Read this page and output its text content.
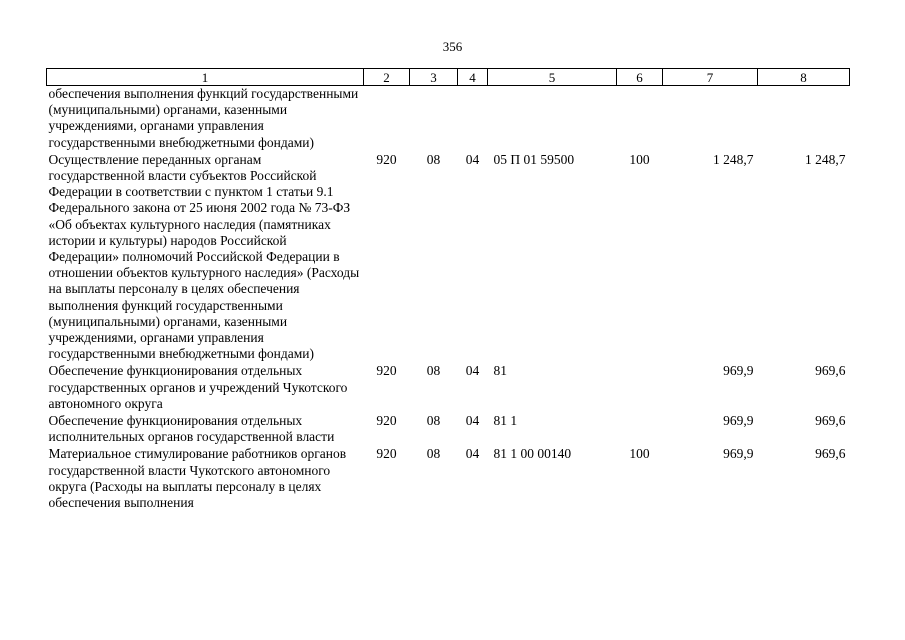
356
1	2	3	4	5	6	7	8
обеспечения выполнения функций государственными (муниципальными) органами, казенными учреждениями, органами управления государственными внебюджетными фондами)							
Осуществление переданных органам государственной власти субъектов Российской Федерации в соответствии с пунктом 1 статьи 9.1 Федерального закона от 25 июня 2002 года № 73-ФЗ «Об объектах культурного наследия (памятниках истории и культуры) народов Российской Федерации» полномочий Российской Федерации в отношении объектов культурного наследия» (Расходы на выплаты персоналу в целях обеспечения выполнения функций государственными (муниципальными) органами, казенными учреждениями, органами управления государственными внебюджетными фондами)	920	08	04	05 П 01 59500	100	1 248,7	1 248,7
Обеспечение функционирования отдельных государственных органов и учреждений Чукотского автономного округа	920	08	04	81		969,9	969,6
Обеспечение функционирования отдельных исполнительных органов государственной власти	920	08	04	81 1		969,9	969,6
Материальное стимулирование работников органов государственной власти Чукотского автономного округа (Расходы на выплаты персоналу в целях обеспечения выполнения	920	08	04	81 1 00 00140	100	969,9	969,6
